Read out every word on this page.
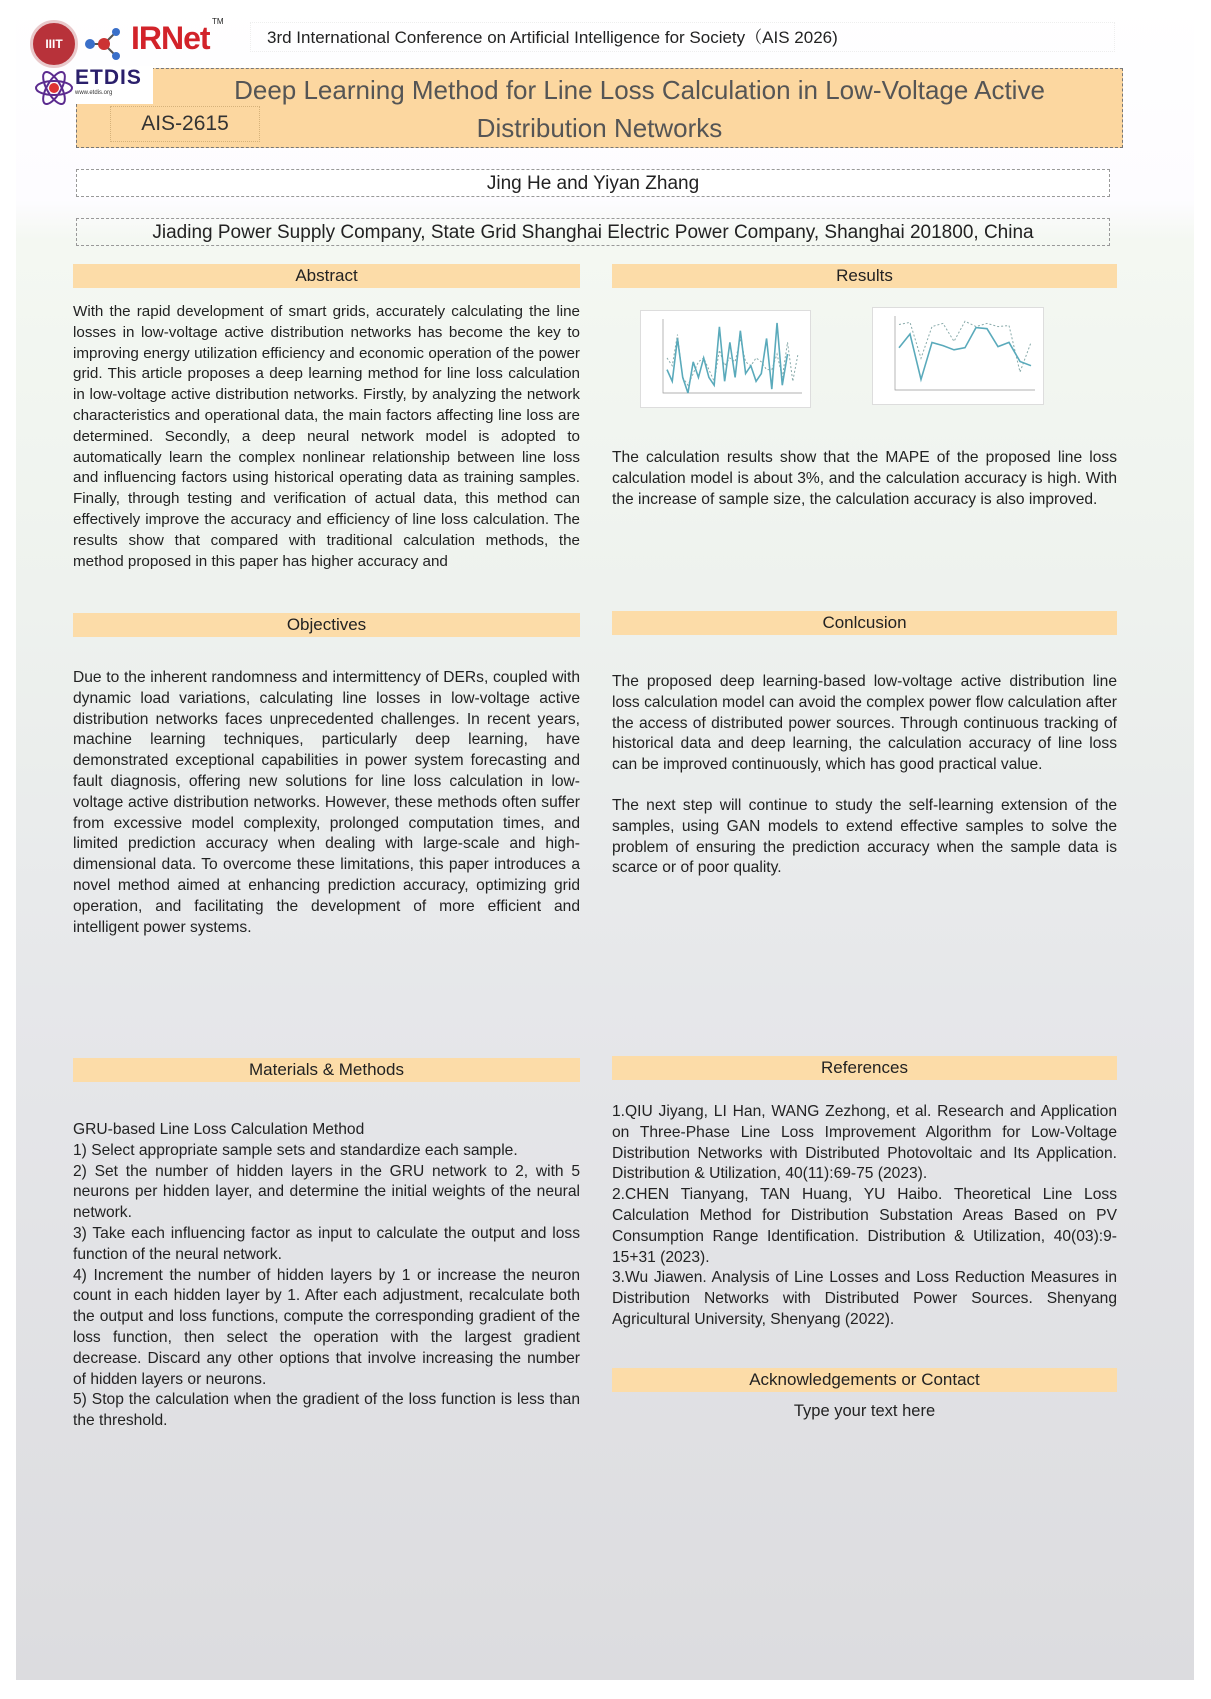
IIIT	IRNet TM
ETDIS
www.etdis.org
3rd International Conference on Artificial Intelligence for Society（AIS 2026)
Deep Learning Method for Line Loss Calculation in Low-Voltage Active
Distribution Networks
AIS-2615
Jing He and Yiyan Zhang
Jiading Power Supply Company, State Grid Shanghai Electric Power Company, Shanghai 201800, China
Abstract
With the rapid development of smart grids, accurately calculating the line losses in low-voltage active distribution networks has become the key to improving energy utilization efficiency and economic operation of the power grid. This article proposes a deep learning method for line loss calculation in low-voltage active distribution networks. Firstly, by analyzing the network characteristics and operational data, the main factors affecting line loss are determined. Secondly, a deep neural network model is adopted to automatically learn the complex nonlinear relationship between line loss and influencing factors using historical operating data as training samples. Finally, through testing and verification of actual data, this method can effectively improve the accuracy and efficiency of line loss calculation. The results show that compared with traditional calculation methods, the method proposed in this paper has higher accuracy and
Objectives
Due to the inherent randomness and intermittency of DERs, coupled with dynamic load variations, calculating line losses in low-voltage active distribution networks faces unprecedented challenges. In recent years, machine learning techniques, particularly deep learning, have demonstrated exceptional capabilities in power system forecasting and fault diagnosis, offering new solutions for line loss calculation in low-voltage active distribution networks. However, these methods often suffer from excessive model complexity, prolonged computation times, and limited prediction accuracy when dealing with large-scale and high-dimensional data. To overcome these limitations, this paper introduces a novel method aimed at enhancing prediction accuracy, optimizing grid operation, and facilitating the development of more efficient and intelligent power systems.
Materials & Methods
GRU-based Line Loss Calculation Method
1) Select appropriate sample sets and standardize each sample.
2) Set the number of hidden layers in the GRU network to 2, with 5 neurons per hidden layer, and determine the initial weights of the neural network.
3) Take each influencing factor as input to calculate the output and loss function of the neural network.
4) Increment the number of hidden layers by 1 or increase the neuron count in each hidden layer by 1. After each adjustment, recalculate both the output and loss functions, compute the corresponding gradient of the loss function, then select the operation with the largest gradient decrease. Discard any other options that involve increasing the number of hidden layers or neurons.
5) Stop the calculation when the gradient of the loss function is less than the threshold.
Results
The calculation results show that the MAPE of the proposed line loss calculation model is about 3%, and the calculation accuracy is high. With the increase of sample size, the calculation accuracy is also improved.
Conlcusion

The proposed deep learning-based low-voltage active distribution line loss calculation model can avoid the complex power flow calculation after the access of distributed power sources. Through continuous tracking of historical data and deep learning, the calculation accuracy of line loss can be improved continuously, which has good practical value.

The next step will continue to study the self-learning extension of the samples, using GAN models to extend effective samples to solve the problem of ensuring the prediction accuracy when the sample data is scarce or of poor quality.

References
1.QIU Jiyang, LI Han, WANG Zezhong, et al. Research and Application on Three-Phase Line Loss Improvement Algorithm for Low-Voltage Distribution Networks with Distributed Photovoltaic and Its Application. Distribution & Utilization, 40(11):69-75 (2023).
2.CHEN Tianyang, TAN Huang, YU Haibo. Theoretical Line Loss Calculation Method for Distribution Substation Areas Based on PV Consumption Range Identification. Distribution & Utilization, 40(03):9-15+31 (2023).
3.Wu Jiawen. Analysis of Line Losses and Loss Reduction Measures in Distribution Networks with Distributed Power Sources. Shenyang Agricultural University, Shenyang (2022).
Acknowledgements or Contact
Type your text here
